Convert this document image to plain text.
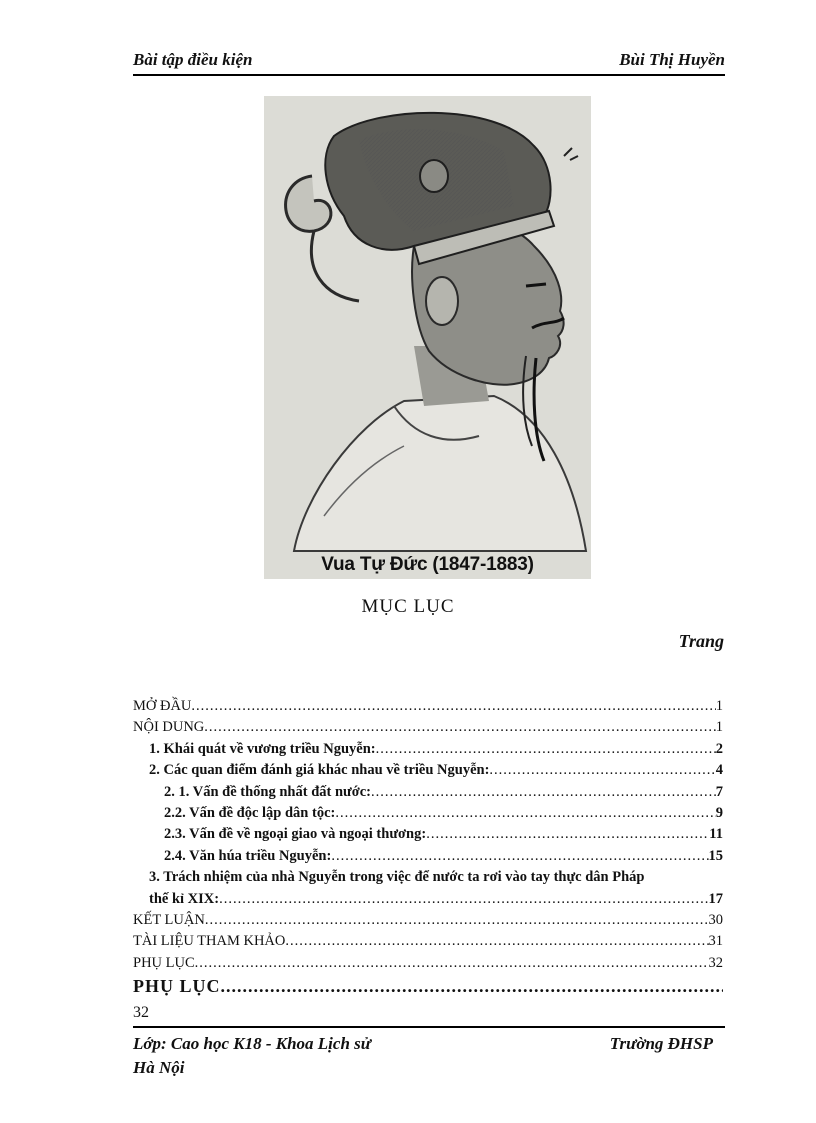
Bài tập điều kiện	Bùi Thị Huyền
Vua Tự Đức (1847-1883)
MỤC LỤC
Trang
MỞ ĐẦU .....	1
NỘI DUNG .....	1
1. Khái quát về vương triều Nguyễn: .....	2
2. Các quan điểm đánh giá khác nhau về triều Nguyễn: .....	4
2. 1. Vấn đề thống nhất đất nước: .....	7
2.2. Vấn đề độc lập dân tộc: .....	9
2.3. Vấn đề về ngoại giao và ngoại thương: .....	11
2.4. Văn húa triều Nguyễn: .....	15
3. Trách nhiệm của nhà Nguyễn trong việc để nước ta rơi vào tay thực dân Pháp
thế kỉ XIX: .....	17
KẾT LUẬN .....	30
TÀI LIỆU THAM KHẢO .....	31
PHỤ LỤC .....	32
PHỤ LỤC
.....
32
Lớp: Cao học K18 - Khoa Lịch sử	Trường ĐHSP
Hà Nội
